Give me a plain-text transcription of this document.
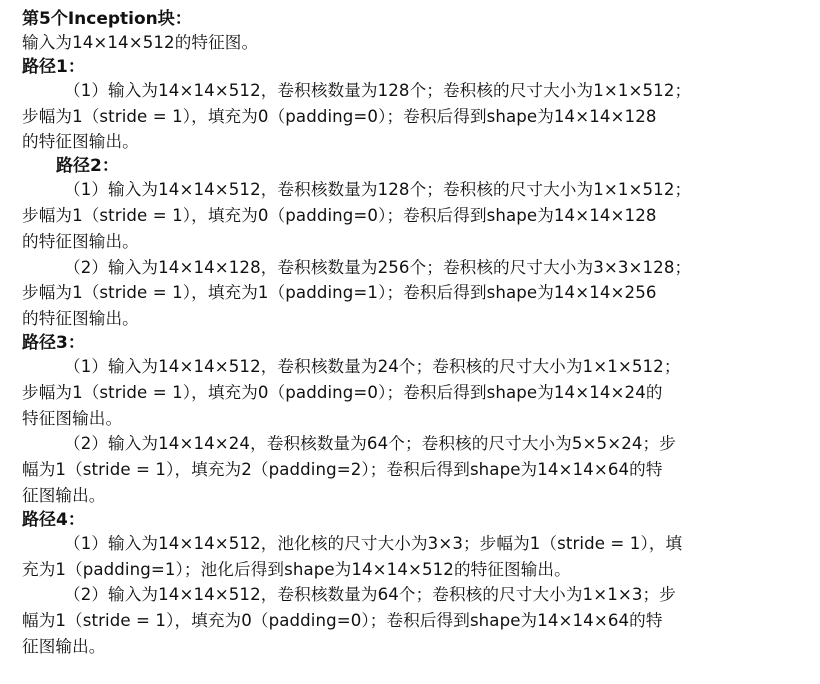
第5个Inception块：
输入为14×14×512的特征图。
路径1：
（1）输入为14×14×512，卷积核数量为128个；卷积核的尺寸大小为1×1×512；
步幅为1（stride = 1），填充为0（padding=0）；卷积后得到shape为14×14×128
的特征图输出。
路径2：
（1）输入为14×14×512，卷积核数量为128个；卷积核的尺寸大小为1×1×512；
步幅为1（stride = 1），填充为0（padding=0）；卷积后得到shape为14×14×128
的特征图输出。
（2）输入为14×14×128，卷积核数量为256个；卷积核的尺寸大小为3×3×128；
步幅为1（stride = 1），填充为1（padding=1）；卷积后得到shape为14×14×256
的特征图输出。
路径3：
（1）输入为14×14×512，卷积核数量为24个；卷积核的尺寸大小为1×1×512；
步幅为1（stride = 1），填充为0（padding=0）；卷积后得到shape为14×14×24的
特征图输出。
（2）输入为14×14×24，卷积核数量为64个；卷积核的尺寸大小为5×5×24；步
幅为1（stride = 1），填充为2（padding=2）；卷积后得到shape为14×14×64的特
征图输出。
路径4：
（1）输入为14×14×512，池化核的尺寸大小为3×3；步幅为1（stride = 1），填
充为1（padding=1）；池化后得到shape为14×14×512的特征图输出。
（2）输入为14×14×512，卷积核数量为64个；卷积核的尺寸大小为1×1×3；步
幅为1（stride = 1），填充为0（padding=0）；卷积后得到shape为14×14×64的特
征图输出。
